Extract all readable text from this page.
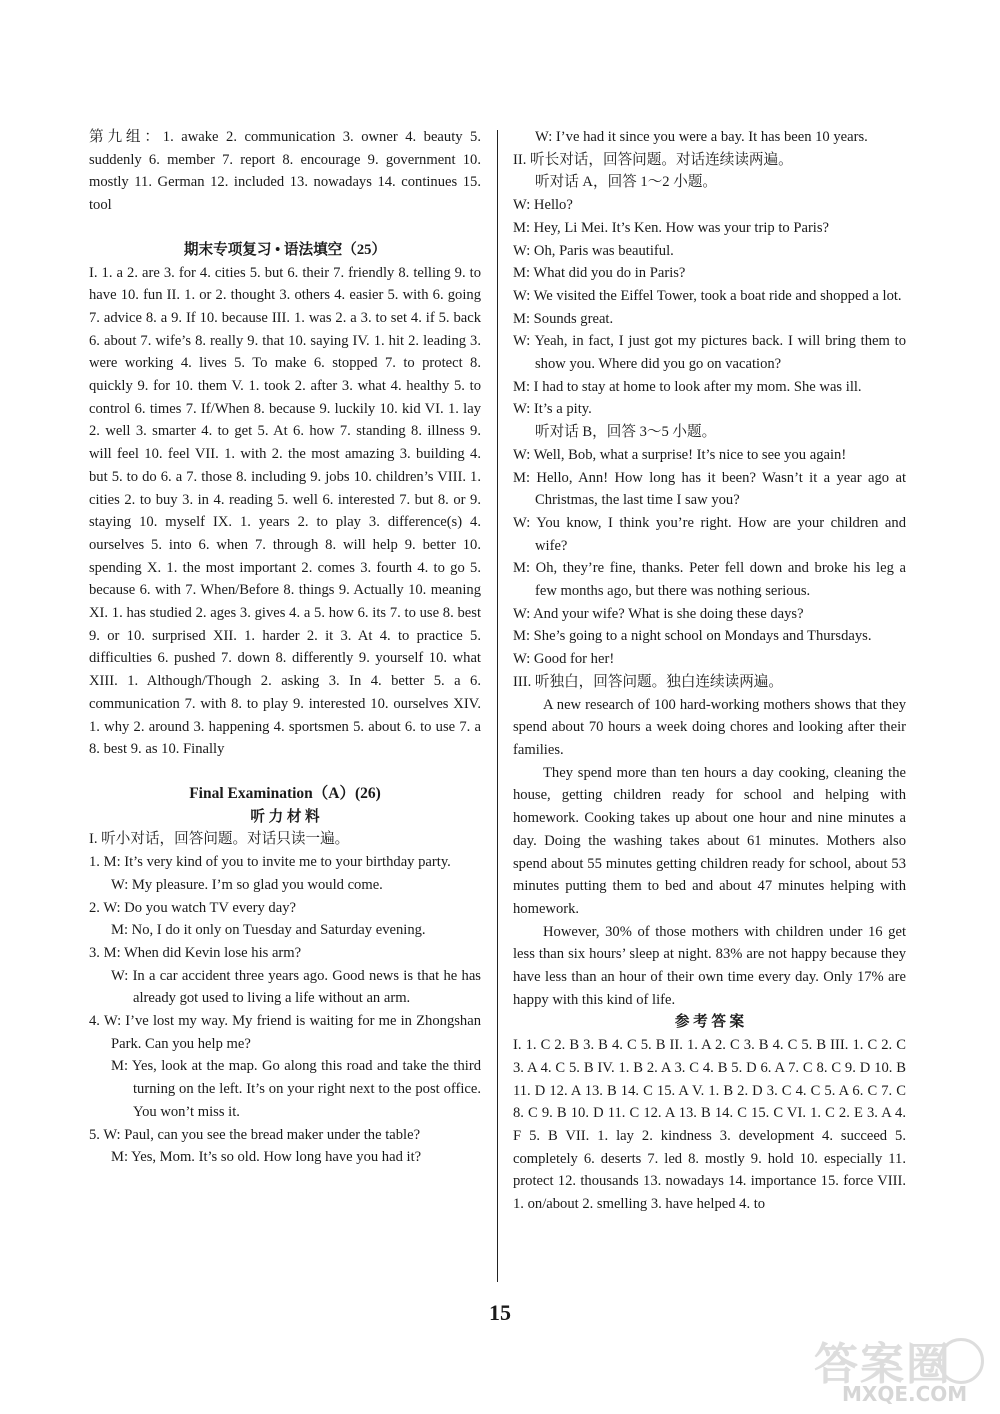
第九组：1. awake 2. communication 3. owner 4. beauty 5. suddenly 6. member 7. report 8. encourage 9. government 10. mostly 11. German 12. included 13. nowadays 14. continues 15. tool

期末专项复习 • 语法填空（25）

I. 1. a 2. are 3. for 4. cities 5. but 6. their 7. friendly 8. telling 9. to have 10. fun II. 1. or 2. thought 3. others 4. easier 5. with 6. going 7. advice 8. a 9. If 10. because III. 1. was 2. a 3. to set 4. if 5. back 6. about 7. wife’s 8. really 9. that 10. saying IV. 1. hit 2. leading 3. were working 4. lives 5. To make 6. stopped 7. to protect 8. quickly 9. for 10. them V. 1. took 2. after 3. what 4. healthy 5. to control 6. times 7. If/When 8. because 9. luckily 10. kid VI. 1. lay 2. well 3. smarter 4. to get 5. At 6. how 7. standing 8. illness 9. will feel 10. feel VII. 1. with 2. the most amazing 3. building 4. but 5. to do 6. a 7. those 8. including 9. jobs 10. children’s VIII. 1. cities 2. to buy 3. in 4. reading 5. well 6. interested 7. but 8. or 9. staying 10. myself IX. 1. years 2. to play 3. difference(s) 4. ourselves 5. into 6. when 7. through 8. will help 9. better 10. spending X. 1. the most important 2. comes 3. fourth 4. to go 5. because 6. with 7. When/Before 8. things 9. Actually 10. meaning XI. 1. has studied 2. ages 3. gives 4. a 5. how 6. its 7. to use 8. best 9. or 10. surprised XII. 1. harder 2. it 3. At 4. to practice 5. difficulties 6. pushed 7. down 8. differently 9. yourself 10. what XIII. 1. Although/Though 2. asking 3. In 4. better 5. a 6. communication 7. with 8. to play 9. interested 10. ourselves XIV. 1. why 2. around 3. happening 4. sportsmen 5. about 6. to use 7. a 8. best 9. as 10. Finally

Final Examination（A）(26)

听 力 材 料

I. 听小对话，回答问题。对话只读一遍。

1. M: It’s very kind of you to invite me to your birthday party.

W: My pleasure. I’m so glad you would come.

2. W: Do you watch TV every day?

M: No, I do it only on Tuesday and Saturday evening.

3. M: When did Kevin lose his arm?

W: In a car accident three years ago. Good news is that he has already got used to living a life without an arm.

4. W: I’ve lost my way. My friend is waiting for me in Zhongshan Park. Can you help me?

M: Yes, look at the map. Go along this road and take the third turning on the left. It’s on your right next to the post office. You won’t miss it.

5. W: Paul, can you see the bread maker under the table?

M: Yes, Mom. It’s so old. How long have you had it?

W: I’ve had it since you were a bay. It has been 10 years.

II. 听长对话，回答问题。对话连续读两遍。

听对话 A，回答 1～2 小题。

W: Hello?

M: Hey, Li Mei. It’s Ken. How was your trip to Paris?

W: Oh, Paris was beautiful.

M: What did you do in Paris?

W: We visited the Eiffel Tower, took a boat ride and shopped a lot.

M: Sounds great.

W: Yeah, in fact, I just got my pictures back. I will bring them to show you. Where did you go on vacation?

M: I had to stay at home to look after my mom. She was ill.

W: It’s a pity.

听对话 B，回答 3～5 小题。

W: Well, Bob, what a surprise! It’s nice to see you again!

M: Hello, Ann! How long has it been? Wasn’t it a year ago at Christmas, the last time I saw you?

W: You know, I think you’re right. How are your children and wife?

M: Oh, they’re fine, thanks. Peter fell down and broke his leg a few months ago, but there was nothing serious.

W: And your wife? What is she doing these days?

M: She’s going to a night school on Mondays and Thursdays.

W: Good for her!

III. 听独白，回答问题。独白连续读两遍。

A new research of 100 hard-working mothers shows that they spend about 70 hours a week doing chores and looking after their families.

They spend more than ten hours a day cooking, cleaning the house, getting children ready for school and helping with homework. Cooking takes up about one hour and nine minutes a day. Doing the washing takes about 61 minutes. Mothers also spend about 55 minutes getting children ready for school, about 53 minutes putting them to bed and about 47 minutes helping with homework.

However, 30% of those mothers with children under 16 get less than six hours’ sleep at night. 83% are not happy because they have less than an hour of their own time every day. Only 17% are happy with this kind of life.

参 考 答 案

I. 1. C 2. B 3. B 4. C 5. B II. 1. A 2. C 3. B 4. C 5. B III. 1. C 2. C 3. A 4. C 5. B IV. 1. B 2. A 3. C 4. B 5. D 6. A 7. C 8. C 9. D 10. B 11. D 12. A 13. B 14. C 15. A V. 1. B 2. D 3. C 4. C 5. A 6. C 7. C 8. C 9. B 10. D 11. C 12. A 13. B 14. C 15. C VI. 1. C 2. E 3. A 4. F 5. B VII. 1. lay 2. kindness 3. development 4. succeed 5. completely 6. deserts 7. led 8. mostly 9. hold 10. especially 11. protect 12. thousands 13. nowadays 14. importance 15. force VIII. 1. on/about 2. smelling 3. have helped 4. to

15
答案圈
MXQE.COM
